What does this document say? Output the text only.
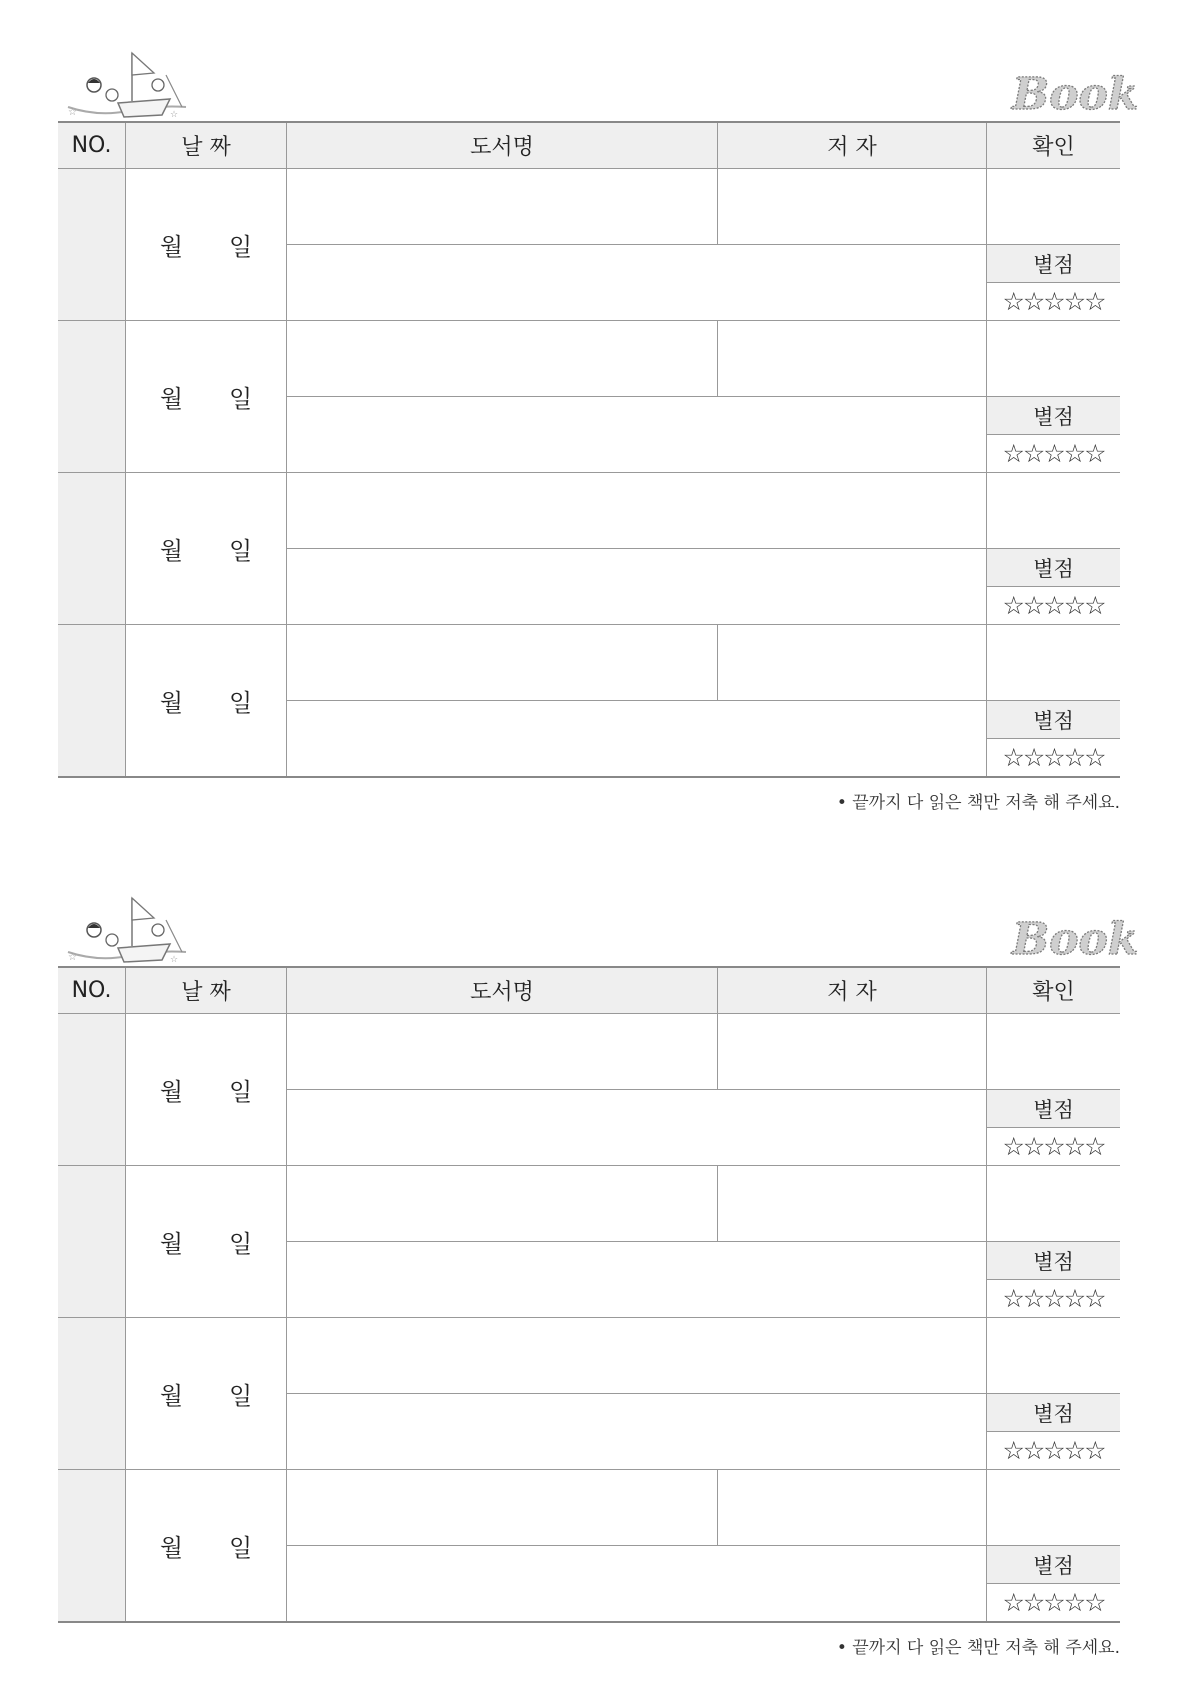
☆	☆	Book
NO.	날 짜	도서명	저 자	확인
	월 일			
				별점
				☆☆☆☆☆
	월 일			
				별점
				☆☆☆☆☆
	월 일			
				별점
				☆☆☆☆☆
	월 일			
				별점
				☆☆☆☆☆
• 끝까지 다 읽은 책만 저축 해 주세요.
☆	☆	Book
NO.	날 짜	도서명	저 자	확인
	월 일			
				별점
				☆☆☆☆☆
	월 일			
				별점
				☆☆☆☆☆
	월 일			
				별점
				☆☆☆☆☆
	월 일			
				별점
				☆☆☆☆☆
• 끝까지 다 읽은 책만 저축 해 주세요.
